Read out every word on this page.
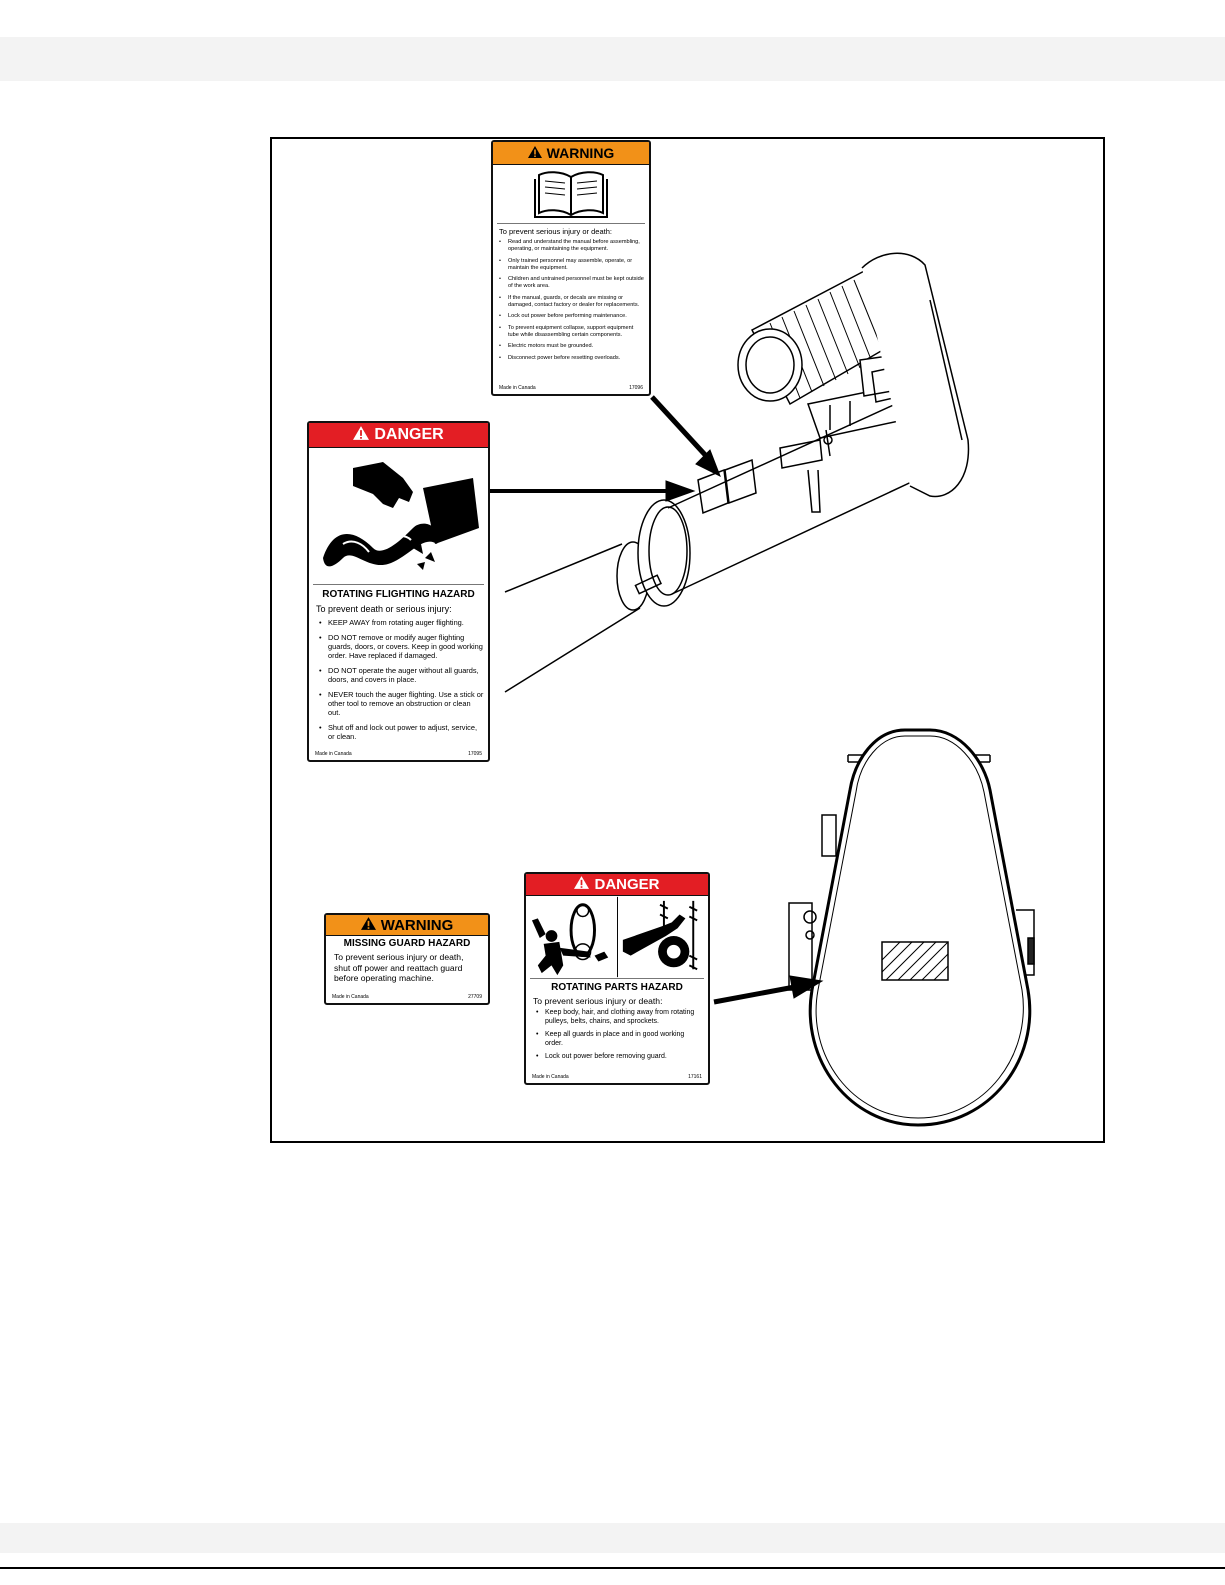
WARNING

To prevent serious injury or death:

• Read and understand the manual before assembling, operating, or maintaining the equipment.
• Only trained personnel may assemble, operate, or maintain the equipment.
• Children and untrained personnel must be kept outside of the work area.
• If the manual, guards, or decals are missing or damaged, contact factory or dealer for replacements.
• Lock out power before performing maintenance.
• To prevent equipment collapse, support equipment tube while disassembling certain components.
• Electric motors must be grounded.
• Disconnect power before resetting overloads.
Made in Canada	17096
DANGER
ROTATING FLIGHTING HAZARD

To prevent death or serious injury:

• KEEP AWAY from rotating auger flighting.
• DO NOT remove or modify auger flighting guards, doors, or covers. Keep in good working order. Have replaced if damaged.
• DO NOT operate the auger without all guards, doors, and covers in place.
• NEVER touch the auger flighting. Use a stick or other tool to remove an obstruction or clean out.
• Shut off and lock out power to adjust, service, or clean.
Made in Canada	17095
WARNING
MISSING GUARD HAZARD
To prevent serious injury or death, shut off power and reattach guard before operating machine.
Made in Canada	27709
DANGER
ROTATING PARTS HAZARD

To prevent serious injury or death:

• Keep body, hair, and clothing away from rotating pulleys, belts, chains, and sprockets.
• Keep all guards in place and in good working order.
• Lock out power before removing guard.
Made in Canada	17161
